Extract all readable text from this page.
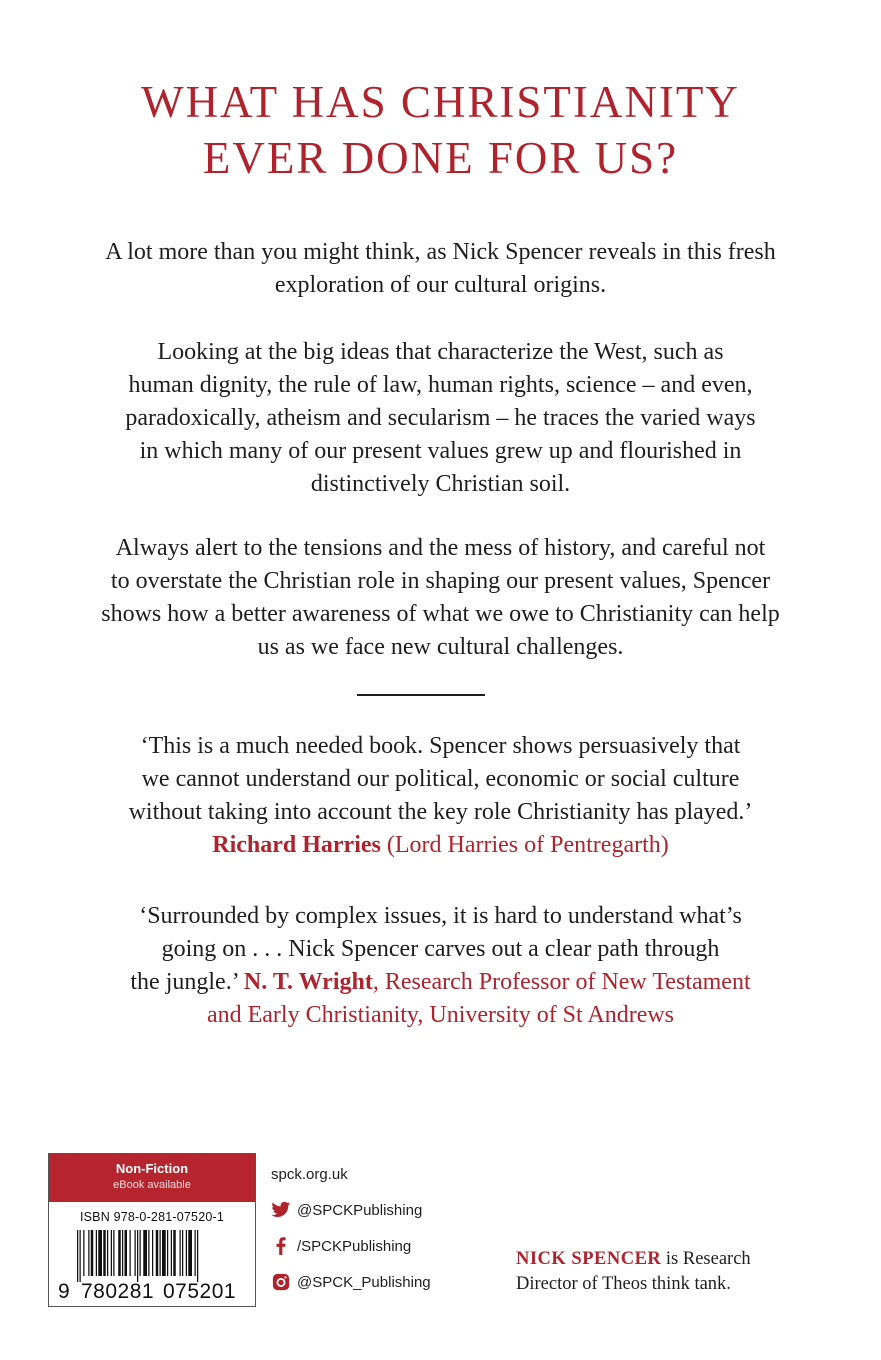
WHAT HAS CHRISTIANITY
EVER DONE FOR US?
A lot more than you might think, as Nick Spencer reveals in this fresh
exploration of our cultural origins.
Looking at the big ideas that characterize the West, such as
human dignity, the rule of law, human rights, science – and even,
paradoxically, atheism and secularism – he traces the varied ways
in which many of our present values grew up and flourished in
distinctively Christian soil.
Always alert to the tensions and the mess of history, and careful not
to overstate the Christian role in shaping our present values, Spencer
shows how a better awareness of what we owe to Christianity can help
us as we face new cultural challenges.
‘This is a much needed book. Spencer shows persuasively that
we cannot understand our political, economic or social culture
without taking into account the key role Christianity has played.’
Richard Harries (Lord Harries of Pentregarth)
‘Surrounded by complex issues, it is hard to understand what’s
going on . . . Nick Spencer carves out a clear path through
the jungle.’ N. T. Wright, Research Professor of New Testament
and Early Christianity, University of St Andrews
Non-Fiction
eBook available
ISBN 978-0-281-07520-1
9 780281 075201
spck.org.uk
@SPCKPublishing
/SPCKPublishing
@SPCK_Publishing
NICK SPENCER is Research
Director of Theos think tank.
